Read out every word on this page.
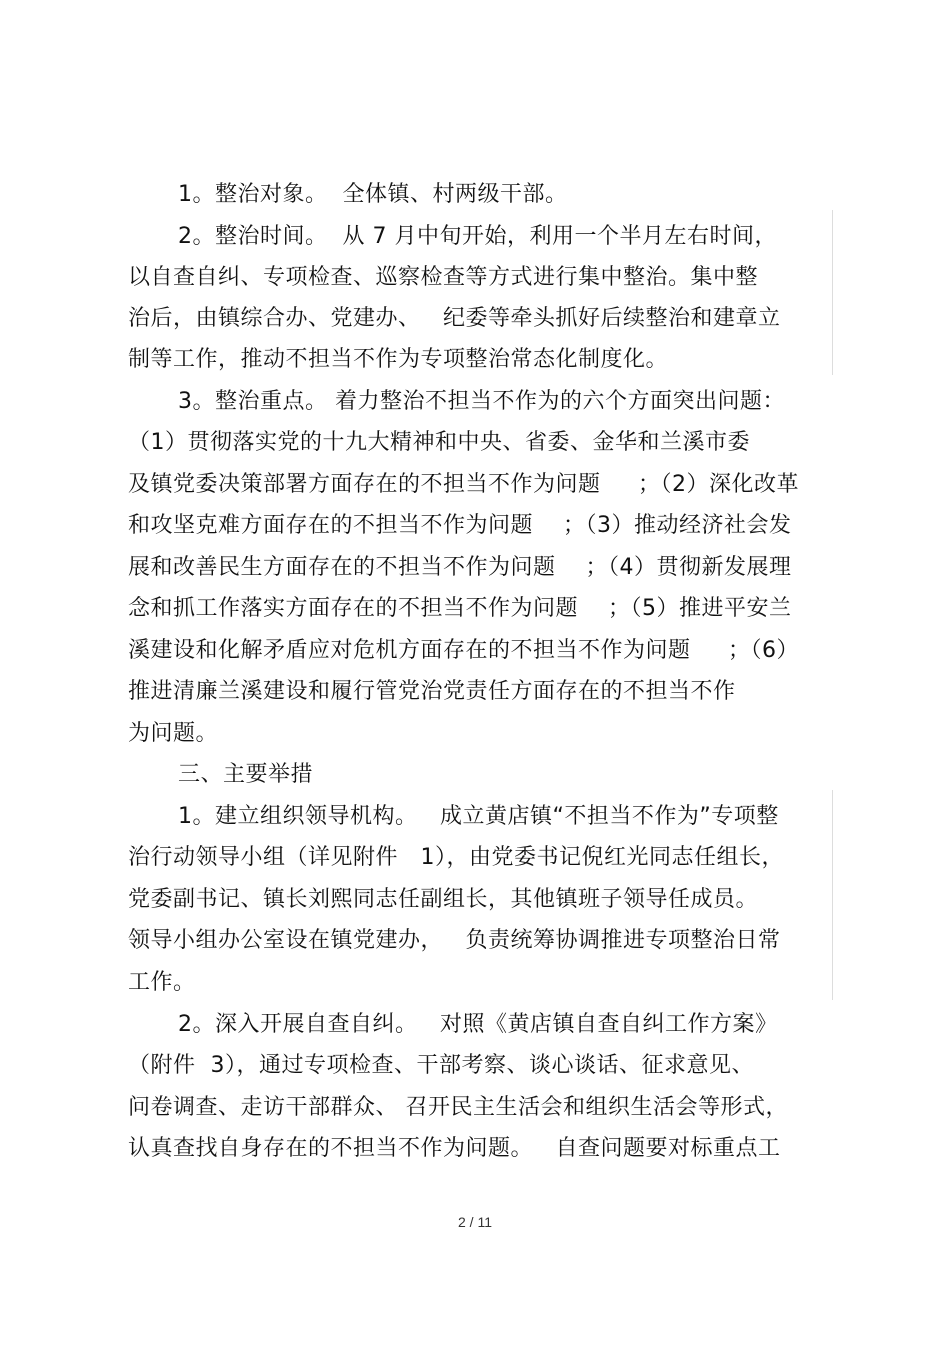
1。整治对象。  全体镇、村两级干部。
2。整治时间。  从 7 月中旬开始，利用一个半月左右时间，
以自查自纠、专项检查、巡察检查等方式进行集中整治。集中整
治后，由镇综合办、党建办、   纪委等牵头抓好后续整治和建章立
制等工作，推动不担当不作为专项整治常态化制度化。
3。整治重点。 着力整治不担当不作为的六个方面突出问题：
（1）贯彻落实党的十九大精神和中央、省委、金华和兰溪市委
及镇党委决策部署方面存在的不担当不作为问题     ；（2）深化改革
和攻坚克难方面存在的不担当不作为问题    ；（3）推动经济社会发
展和改善民生方面存在的不担当不作为问题    ；（4）贯彻新发展理
念和抓工作落实方面存在的不担当不作为问题    ；（5）推进平安兰
溪建设和化解矛盾应对危机方面存在的不担当不作为问题     ；（6）
推进清廉兰溪建设和履行管党治党责任方面存在的不担当不作
为问题。
三、主要举措
1。建立组织领导机构。   成立黄店镇“不担当不作为”专项整
治行动领导小组（详见附件   1），由党委书记倪红光同志任组长，
党委副书记、镇长刘熙同志任副组长，其他镇班子领导任成员。
领导小组办公室设在镇党建办，   负责统筹协调推进专项整治日常
工作。
2。深入开展自查自纠。   对照《黄店镇自查自纠工作方案》
（附件  3），通过专项检查、干部考察、谈心谈话、征求意见、
问卷调查、走访干部群众、 召开民主生活会和组织生活会等形式，
认真查找自身存在的不担当不作为问题。   自查问题要对标重点工
2 / 11
